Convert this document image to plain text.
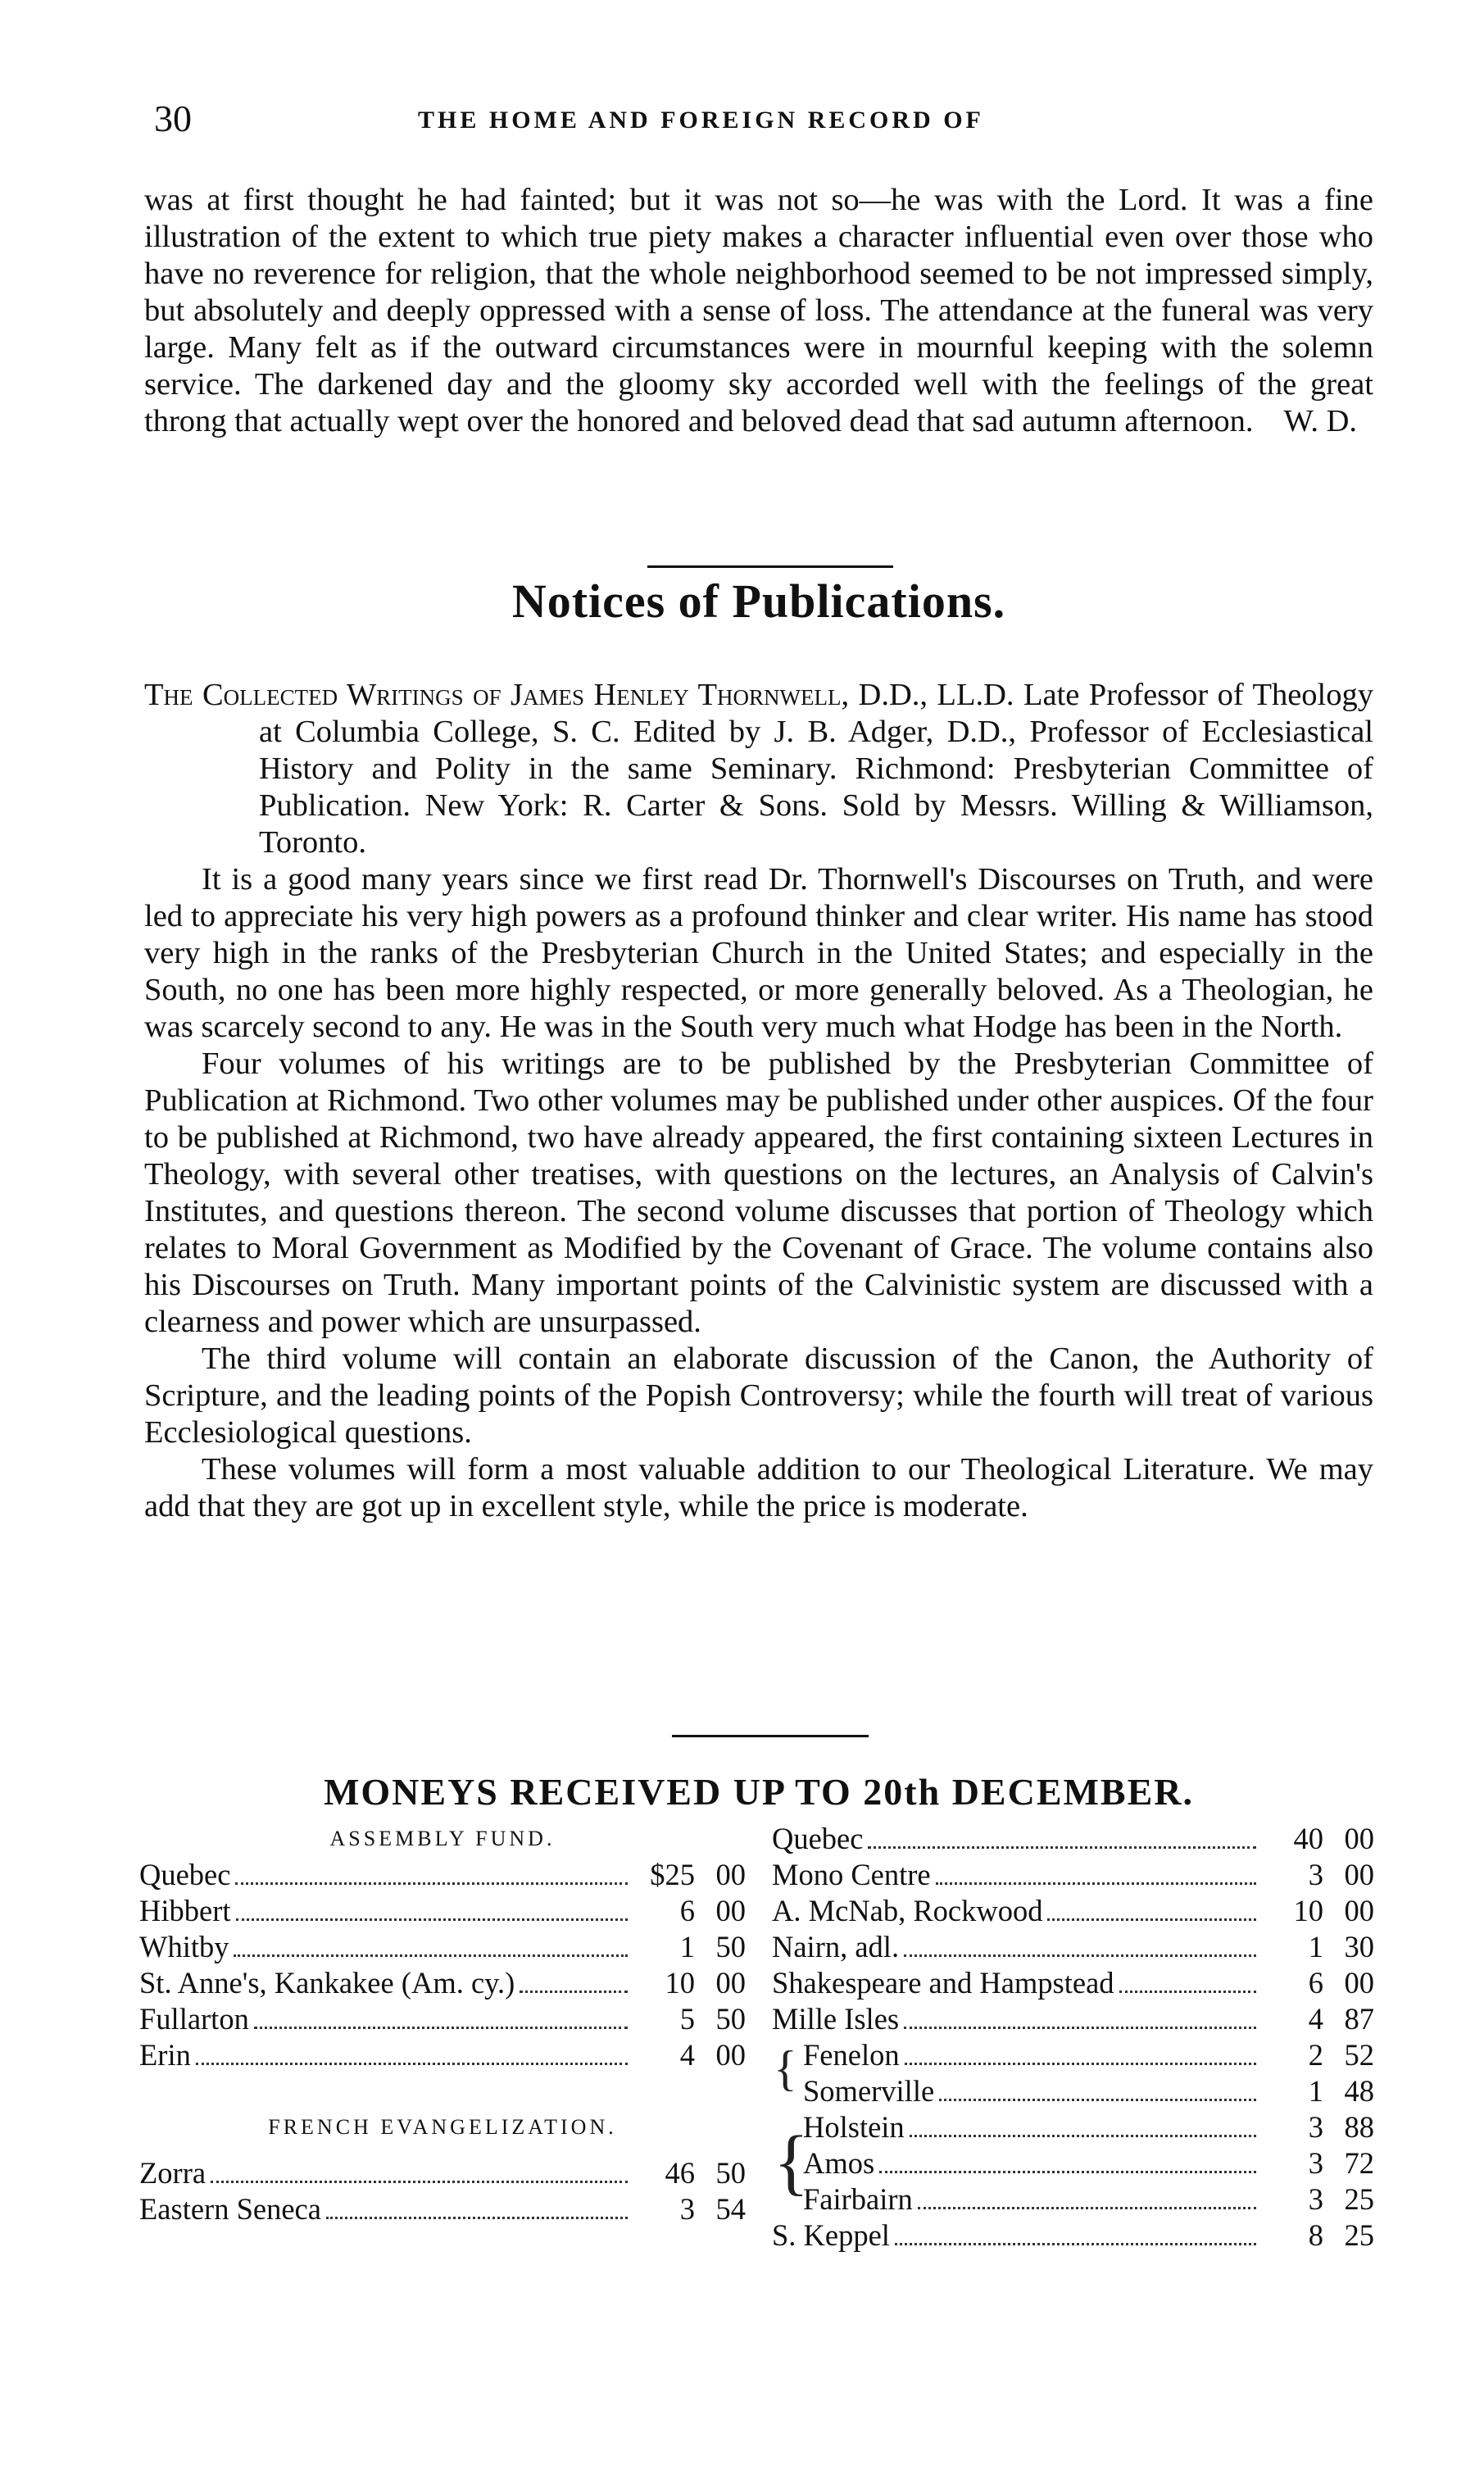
30	THE HOME AND FOREIGN RECORD OF

was at first thought he had fainted; but it was not so—he was with the Lord. It was a fine illustration of the extent to which true piety makes a character influential even over those who have no reverence for religion, that the whole neighborhood seemed to be not impressed simply, but absolutely and deeply oppressed with a sense of loss. The attendance at the funeral was very large. Many felt as if the outward circumstances were in mournful keeping with the solemn service. The darkened day and the gloomy sky accorded well with the feelings of the great throng that actually wept over the honored and beloved dead that sad autumn afternoon. W. D.

Notices of Publications.

The Collected Writings of James Henley Thornwell, D.D., LL.D. Late Professor of Theology at Columbia College, S. C. Edited by J. B. Adger, D.D., Professor of Ecclesiastical History and Polity in the same Seminary. Richmond: Presbyterian Committee of Publication. New York: R. Carter & Sons. Sold by Messrs. Willing & Williamson, Toronto.

It is a good many years since we first read Dr. Thornwell's Discourses on Truth, and were led to appreciate his very high powers as a profound thinker and clear writer. His name has stood very high in the ranks of the Presbyterian Church in the United States; and especially in the South, no one has been more highly respected, or more generally beloved. As a Theologian, he was scarcely second to any. He was in the South very much what Hodge has been in the North.

Four volumes of his writings are to be published by the Presbyterian Committee of Publication at Richmond. Two other volumes may be published under other auspices. Of the four to be published at Richmond, two have already appeared, the first containing sixteen Lectures in Theology, with several other treatises, with questions on the lectures, an Analysis of Calvin's Institutes, and questions thereon. The second volume discusses that portion of Theology which relates to Moral Government as Modified by the Covenant of Grace. The volume contains also his Discourses on Truth. Many important points of the Calvinistic system are discussed with a clearness and power which are unsurpassed.

The third volume will contain an elaborate discussion of the Canon, the Authority of Scripture, and the leading points of the Popish Controversy; while the fourth will treat of various Ecclesiological questions.

These volumes will form a most valuable addition to our Theological Literature. We may add that they are got up in excellent style, while the price is moderate.

MONEYS RECEIVED UP TO 20th DECEMBER.
ASSEMBLY FUND.
Quebec	$25 00
Hibbert	6 00
Whitby	1 50
St. Anne's, Kankakee (Am. cy.)	10 00
Fullarton	5 50
Erin	4 00
FRENCH EVANGELIZATION.
Zorra	46 50
Eastern Seneca	3 54
Quebec	40 00
Mono Centre	3 00
A. McNab, Rockwood	10 00
Nairn, adl.	1 30
Shakespeare and Hampstead	6 00
Mille Isles	4 87
{ Fenelon	2 52
Somerville	1 48
{
Holstein	3 88
Amos	3 72
Fairbairn	3 25
S. Keppel	8 25
